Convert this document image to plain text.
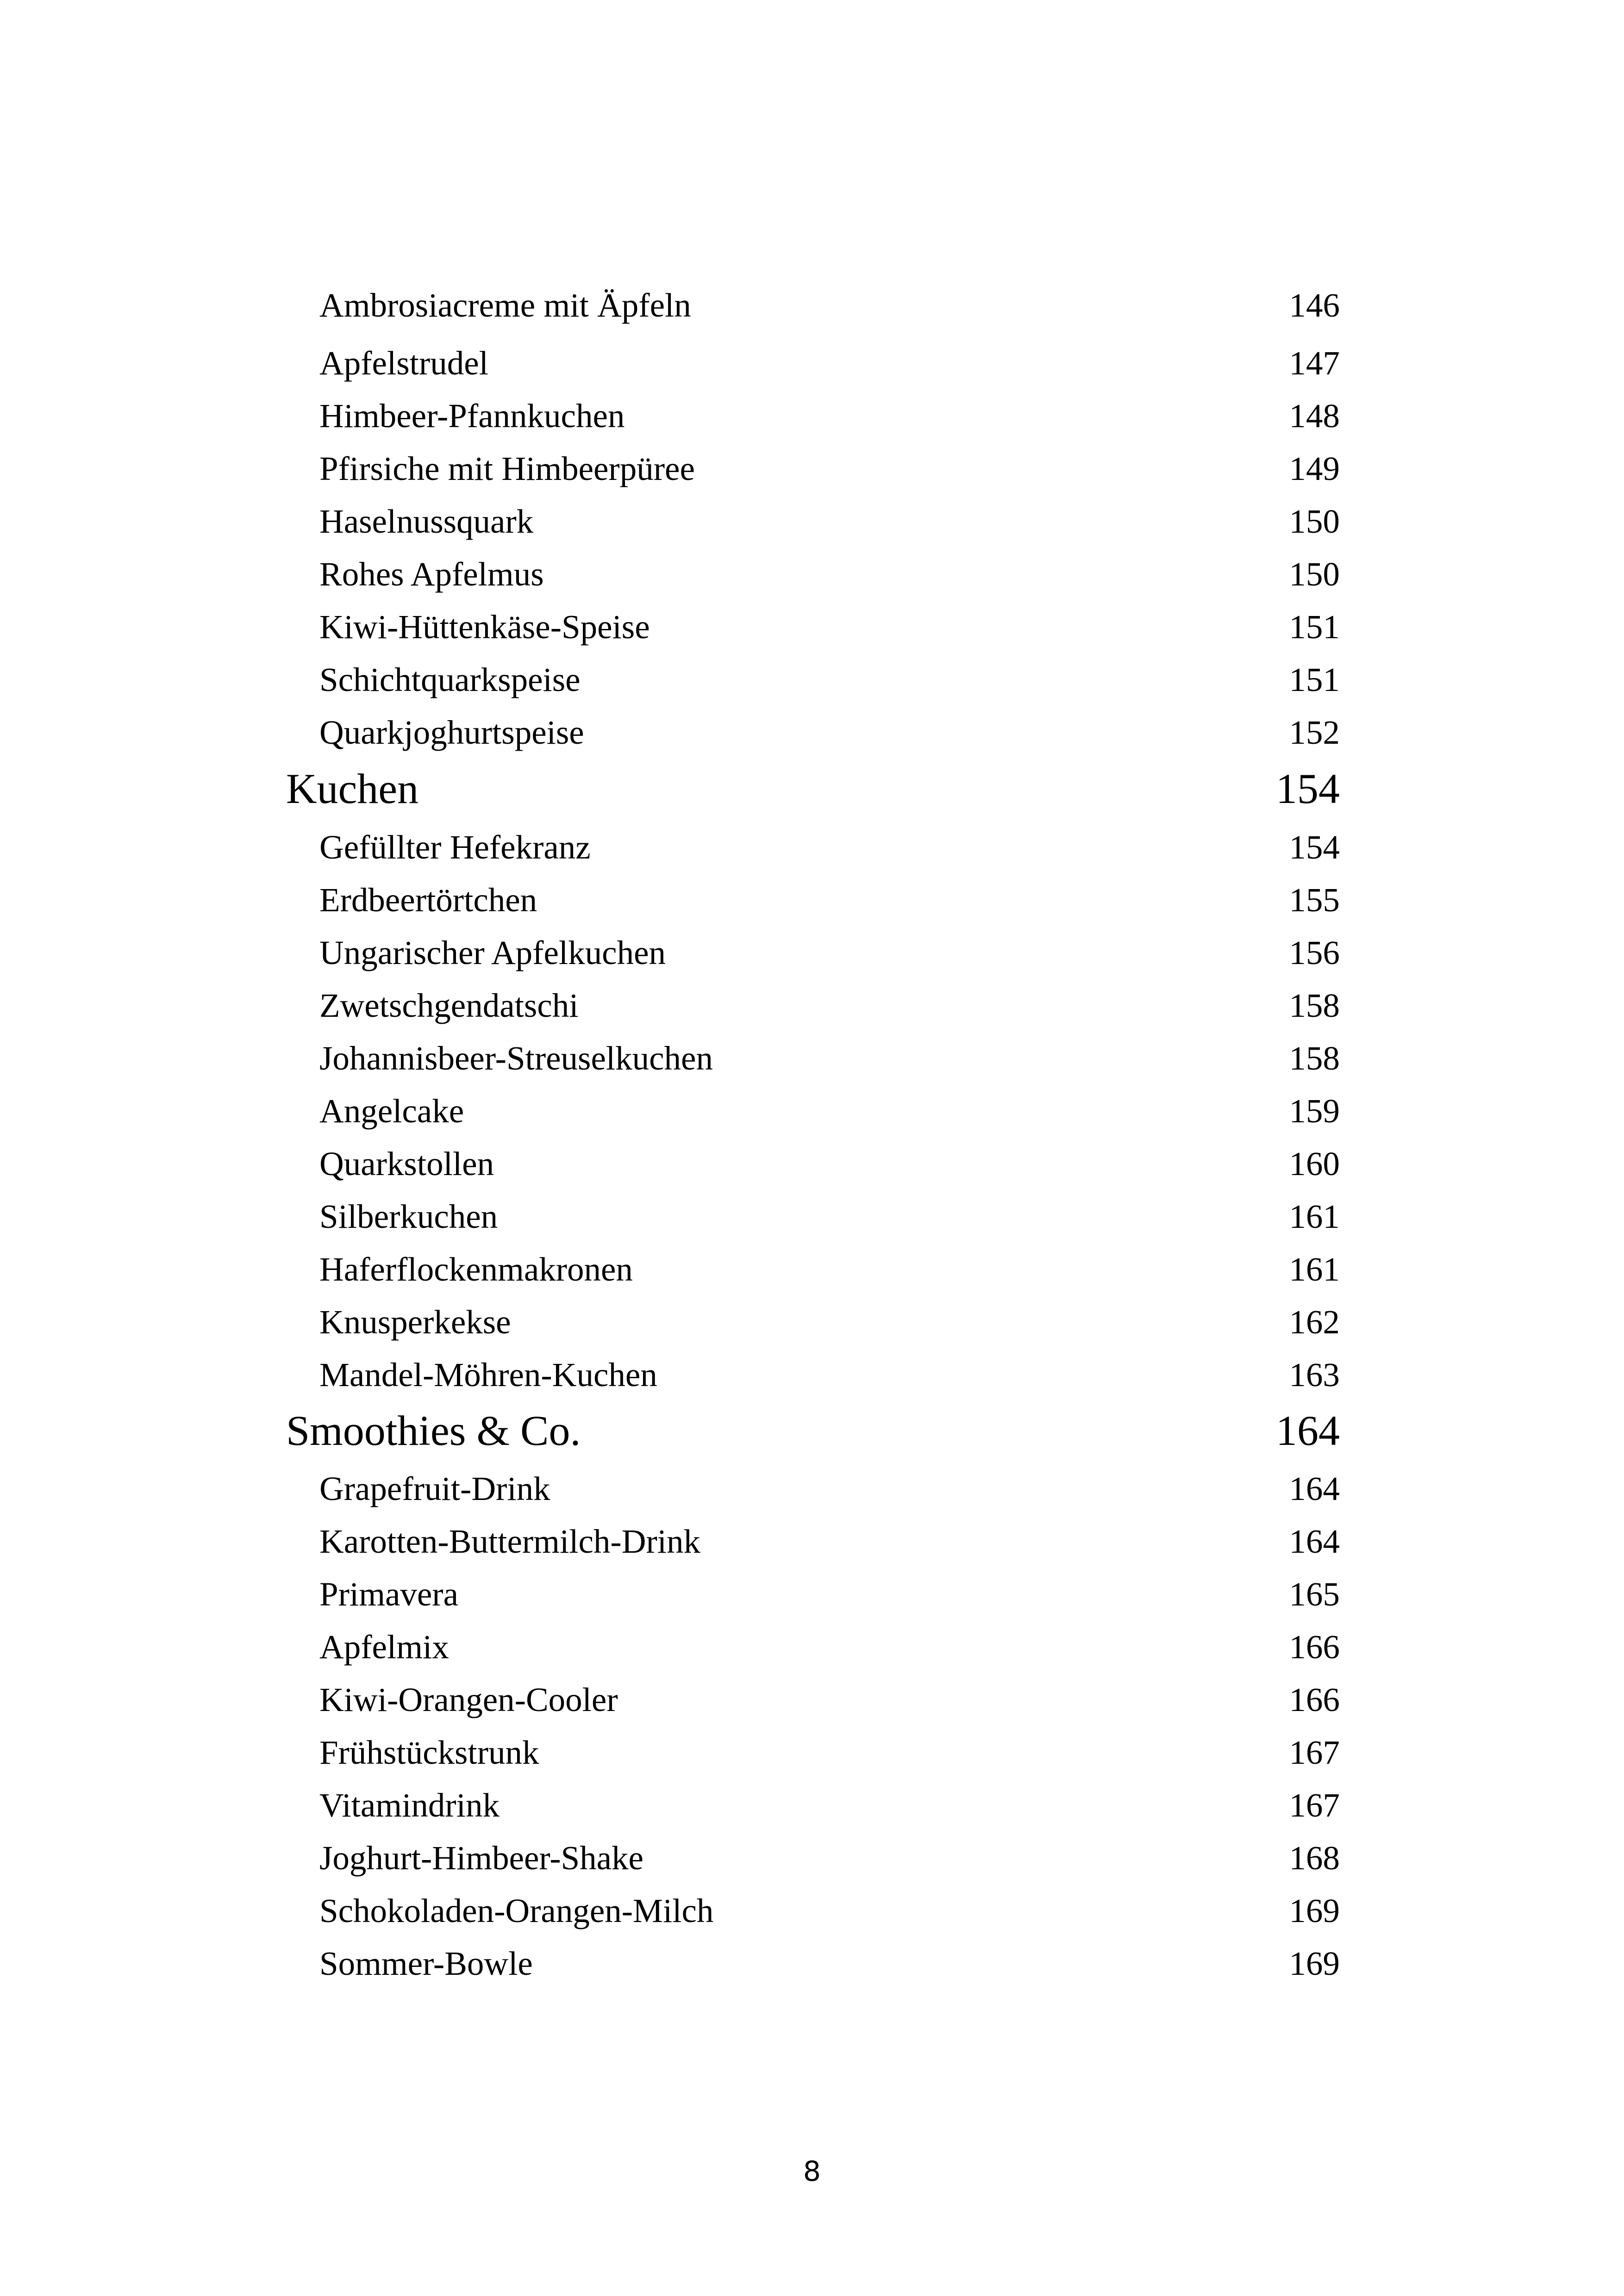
Ambrosiacreme mit Äpfeln	146
Apfelstrudel	147
Himbeer-Pfannkuchen	148
Pfirsiche mit Himbeerpüree	149
Haselnussquark	150
Rohes Apfelmus	150
Kiwi-Hüttenkäse-Speise	151
Schichtquarkspeise	151
Quarkjoghurtspeise	152
Kuchen	154
Gefüllter Hefekranz	154
Erdbeertörtchen	155
Ungarischer Apfelkuchen	156
Zwetschgendatschi	158
Johannisbeer-Streuselkuchen	158
Angelcake	159
Quarkstollen	160
Silberkuchen	161
Haferflockenmakronen	161
Knusperkekse	162
Mandel-Möhren-Kuchen	163
Smoothies & Co.	164
Grapefruit-Drink	164
Karotten-Buttermilch-Drink	164
Primavera	165
Apfelmix	166
Kiwi-Orangen-Cooler	166
Frühstückstrunk	167
Vitamindrink	167
Joghurt-Himbeer-Shake	168
Schokoladen-Orangen-Milch	169
Sommer-Bowle	169
8
